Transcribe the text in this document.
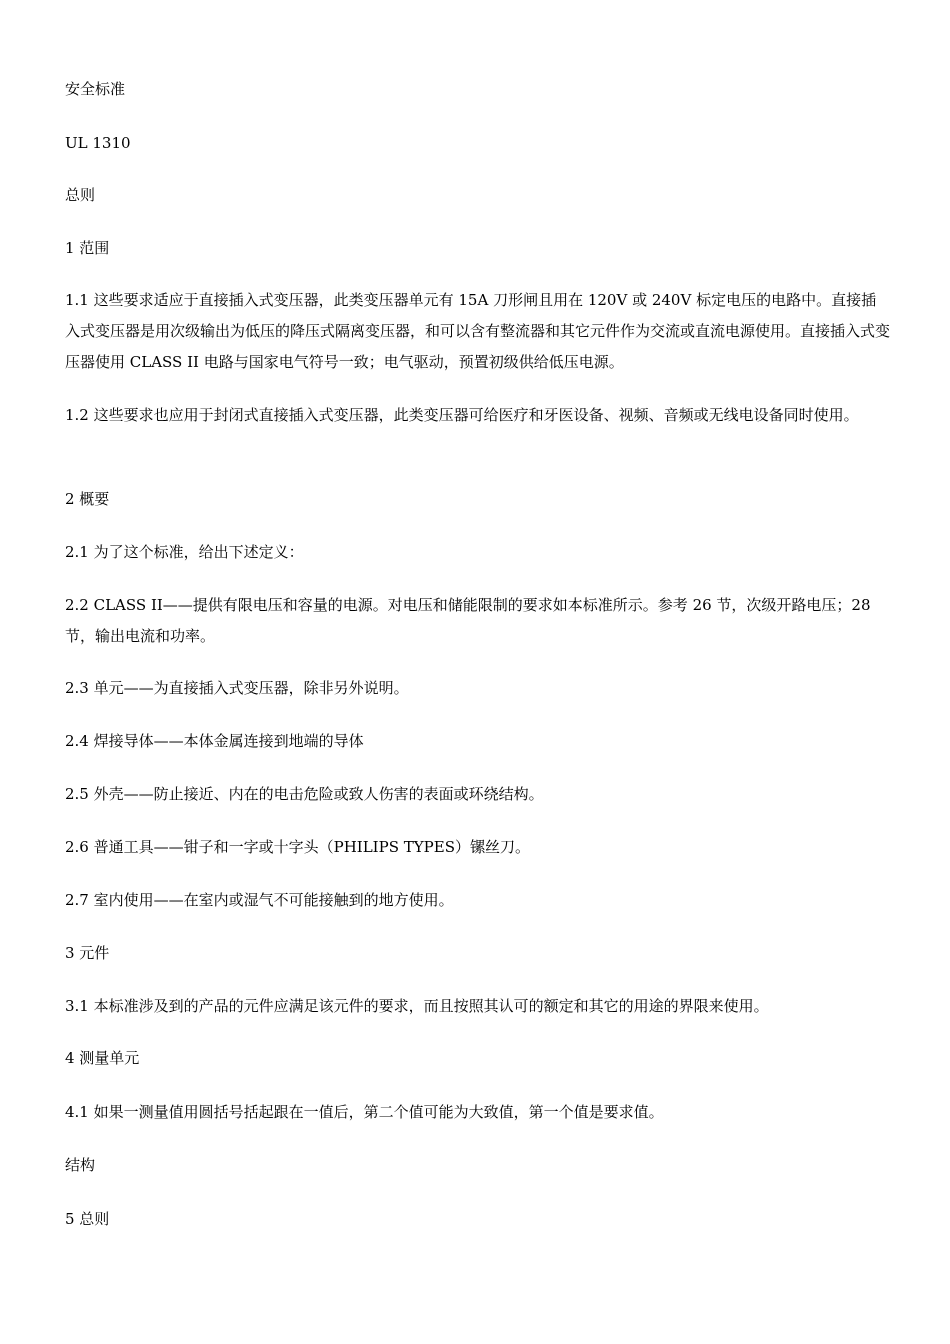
安全标准

UL 1310

总则

1 范围

1.1 这些要求适应于直接插入式变压器，此类变压器单元有 15A 刀形闸且用在 120V 或 240V 标定电压的电路中。直接插入式变压器是用次级输出为低压的降压式隔离变压器，和可以含有整流器和其它元件作为交流或直流电源使用。直接插入式变压器使用 CLASS II 电路与国家电气符号一致；电气驱动，预置初级供给低压电源。

1.2 这些要求也应用于封闭式直接插入式变压器，此类变压器可给医疗和牙医设备、视频、音频或无线电设备同时使用。

2 概要

2.1 为了这个标准，给出下述定义：

2.2 CLASS II——提供有限电压和容量的电源。对电压和储能限制的要求如本标准所示。参考 26 节，次级开路电压；28 节，输出电流和功率。

2.3 单元——为直接插入式变压器，除非另外说明。

2.4 焊接导体——本体金属连接到地端的导体

2.5 外壳——防止接近、内在的电击危险或致人伤害的表面或环绕结构。

2.6 普通工具——钳子和一字或十字头（PHILIPS TYPES）镙丝刀。

2.7 室内使用——在室内或湿气不可能接触到的地方使用。

3 元件

3.1 本标准涉及到的产品的元件应满足该元件的要求，而且按照其认可的额定和其它的用途的界限来使用。

4 测量单元

4.1 如果一测量值用圆括号括起跟在一值后，第二个值可能为大致值，第一个值是要求值。

结构

5 总则
